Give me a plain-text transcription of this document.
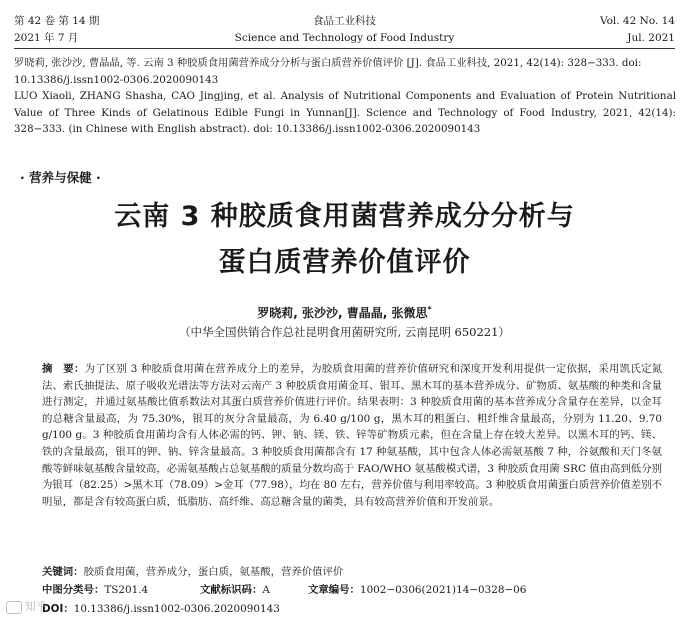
第 42 卷 第 14 期
2021 年 7 月
食品工业科技
Science and Technology of Food Industry
Vol. 42 No. 14
Jul. 2021

罗晓莉, 张沙沙, 曹晶晶, 等. 云南 3 种胶质食用菌营养成分分析与蛋白质营养价值评价 [J]. 食品工业科技, 2021, 42(14): 328−333. doi: 10.13386/j.issn1002-0306.2020090143

LUO Xiaoli, ZHANG Shasha, CAO Jingjing, et al. Analysis of Nutritional Components and Evaluation of Protein Nutritional Value of Three Kinds of Gelatinous Edible Fungi in Yunnan[J]. Science and Technology of Food Industry, 2021, 42(14): 328−333. (in Chinese with English abstract). doi: 10.13386/j.issn1002-0306.2020090143

· 营养与保健 ·
云南 3 种胶质食用菌营养成分分析与
蛋白质营养价值评价
罗晓莉, 张沙沙, 曹晶晶, 张微思*
（中华全国供销合作总社昆明食用菌研究所, 云南昆明 650221）
摘　要：为了区别 3 种胶质食用菌在营养成分上的差异，为胶质食用菌的营养价值研究和深度开发利用提供一定依据，采用凯氏定氮法、索氏抽提法、原子吸收光谱法等方法对云南产 3 种胶质食用菌金耳、银耳、黑木耳的基本营养成分、矿物质、氨基酸的种类和含量进行测定，并通过氨基酸比值系数法对其蛋白质营养价值进行评价。结果表明：3 种胶质食用菌的基本营养成分含量存在差异，以金耳的总糖含量最高，为 75.30%，银耳的灰分含量最高，为 6.40 g/100 g，黑木耳的粗蛋白、粗纤维含量最高，分别为 11.20、9.70 g/100 g。3 种胶质食用菌均含有人体必需的钙、钾、钠、镁、铁、锌等矿物质元素，但在含量上存在较大差异。以黑木耳的钙、镁、铁的含量最高，银耳的钾、钠、锌含量最高。3 种胶质食用菌都含有 17 种氨基酸，其中包含人体必需氨基酸 7 种，谷氨酸和天门冬氨酸等鲜味氨基酸含量较高，必需氨基酸占总氨基酸的质量分数均高于 FAO/WHO 氨基酸模式谱，3 种胶质食用菌 SRC 值由高到低分别为银耳（82.25）>黑木耳（78.09）>金耳（77.98），均在 80 左右，营养价值与利用率较高。3 种胶质食用菌蛋白质营养价值差别不明显，都是含有较高蛋白质，低脂肪、高纤维、高总糖含量的菌类，具有较高营养价值和开发前景。
关键词：胶质食用菌，营养成分，蛋白质，氨基酸，营养价值评价
中图分类号：TS201.4	文献标识码：A	文章编号：1002−0306(2021)14−0328−06
DOI：10.13386/j.issn1002-0306.2020090143
知乎
